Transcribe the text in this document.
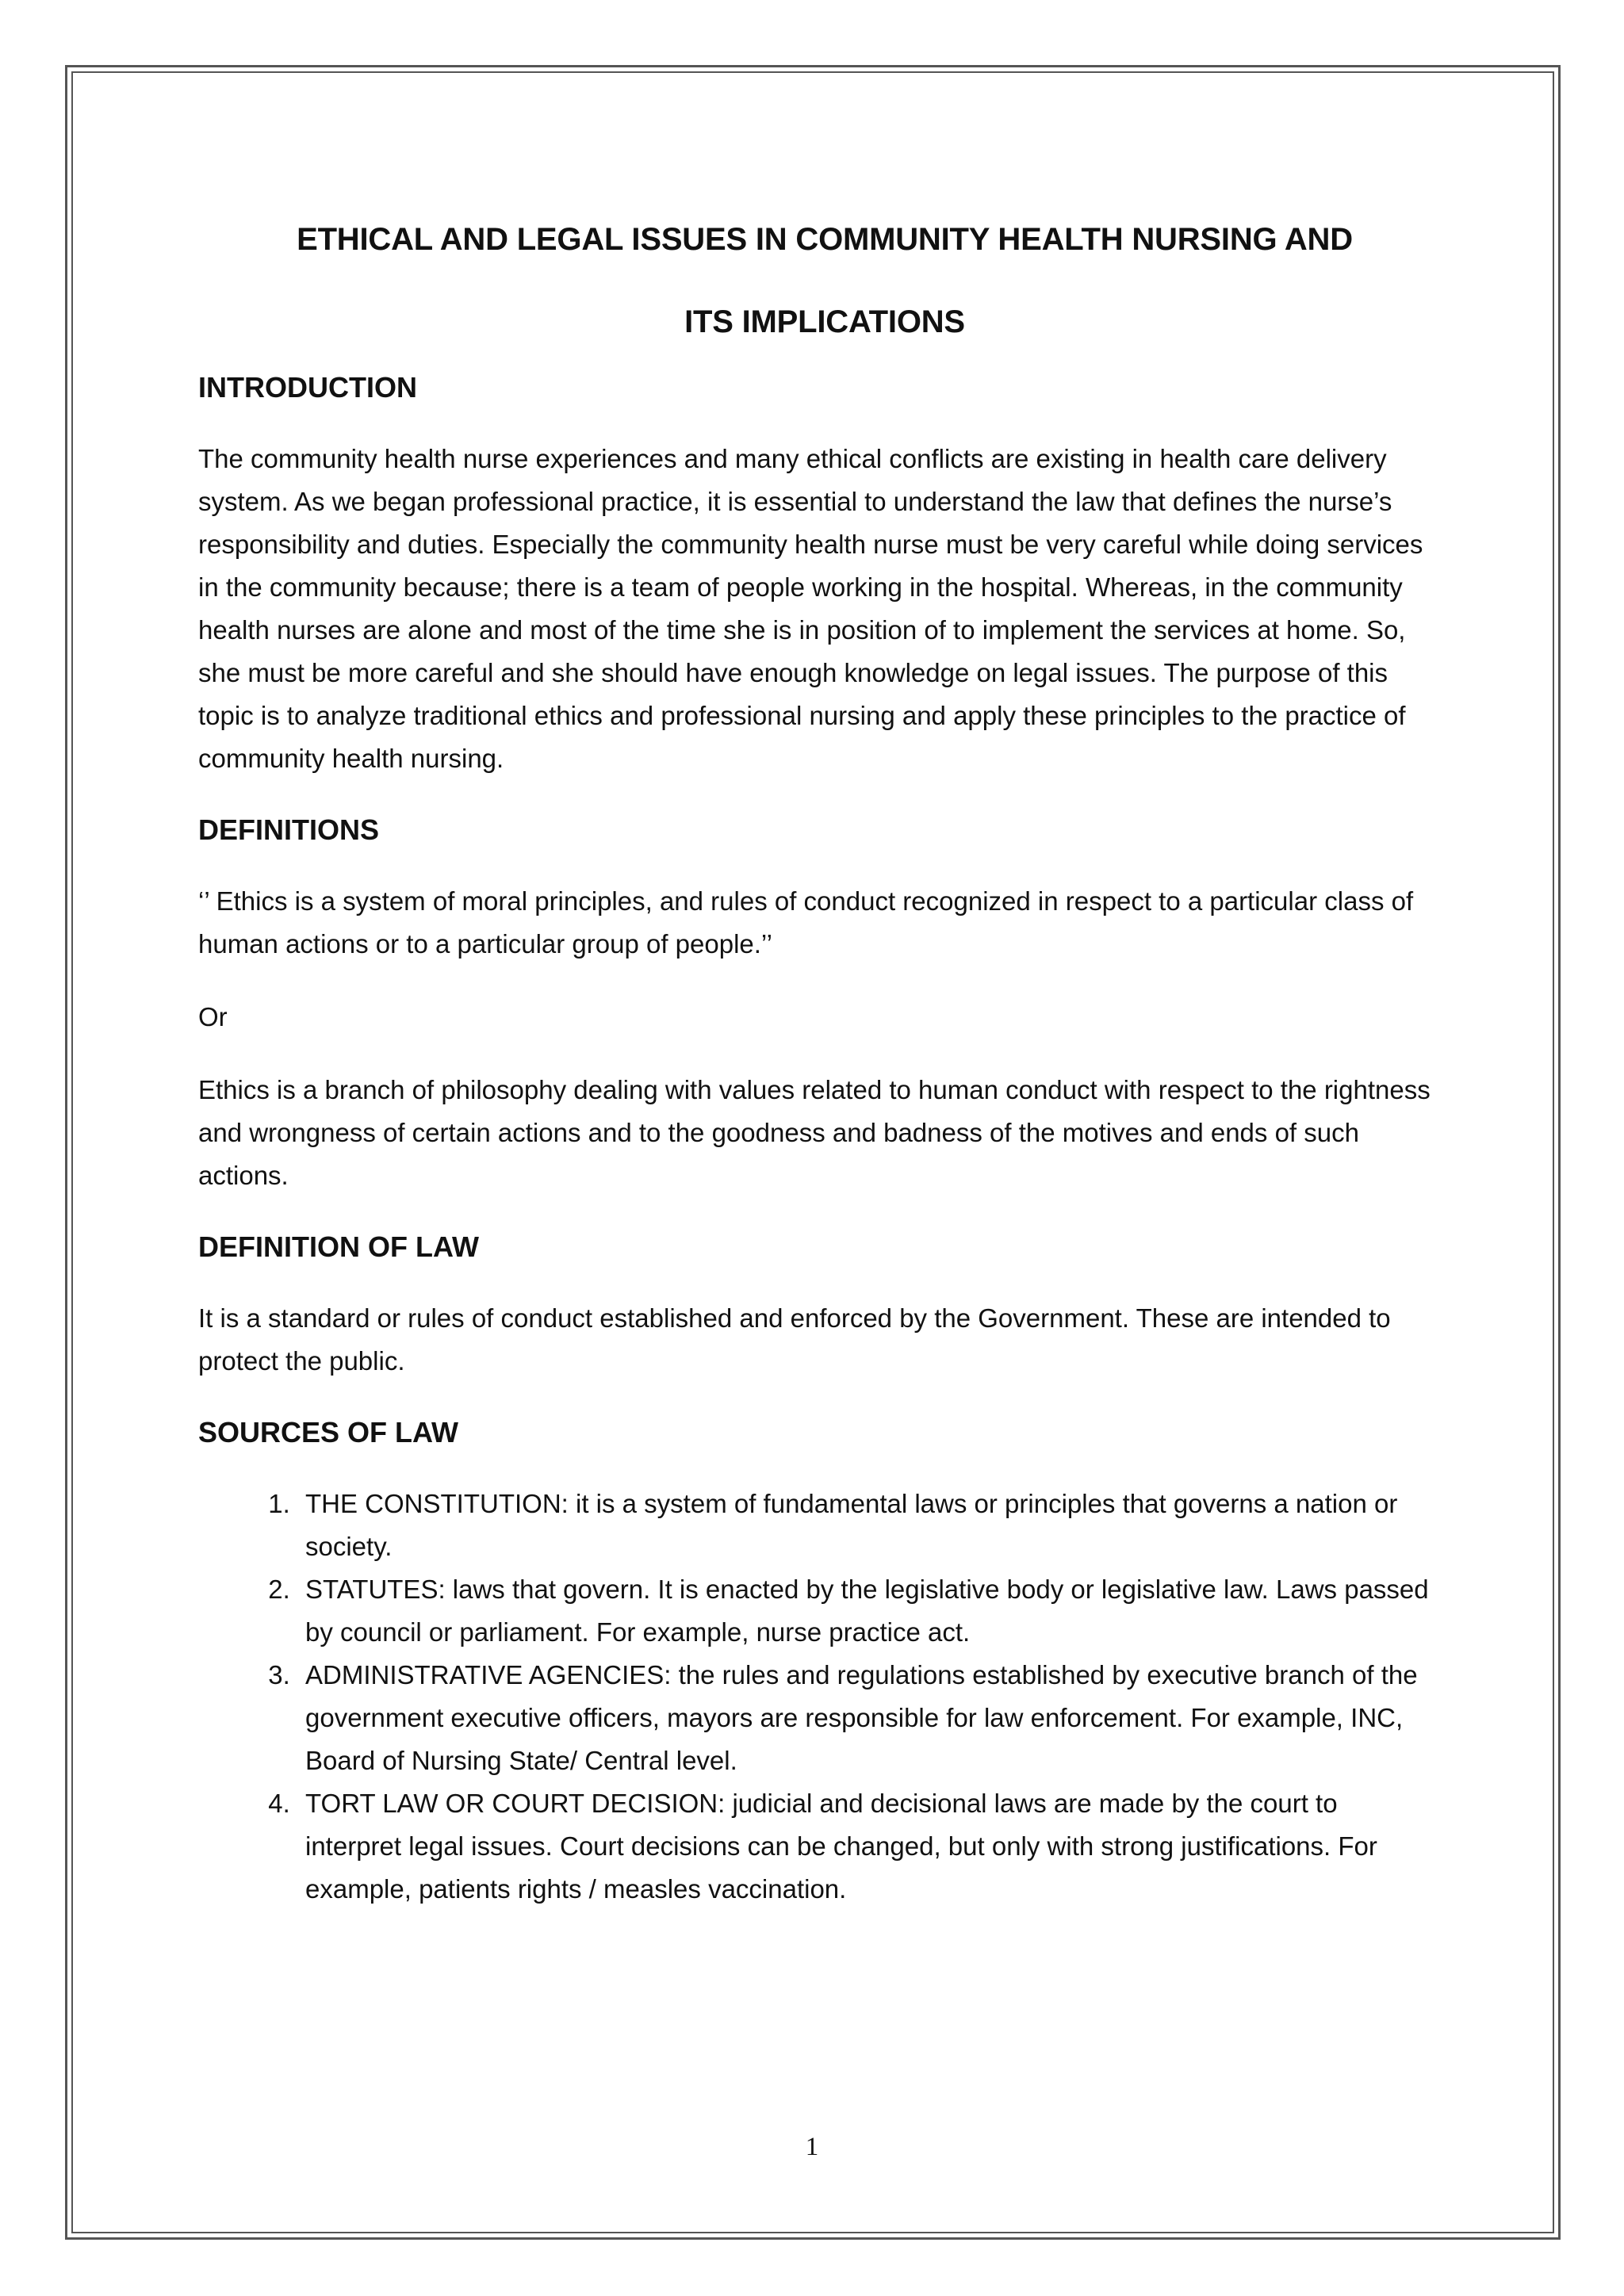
ETHICAL AND LEGAL ISSUES IN COMMUNITY HEALTH NURSING AND
ITS IMPLICATIONS
INTRODUCTION

The community health nurse experiences and many ethical conflicts are existing in health care delivery system. As we began professional practice, it is essential to understand the law that defines the nurse’s responsibility and duties. Especially the community health nurse must be very careful while doing services in the community because; there is a team of people working in the hospital. Whereas, in the community health nurses are alone and most of the time she is in position of to implement the services at home. So, she must be more careful and she should have enough knowledge on legal issues. The purpose of this topic is to analyze traditional ethics and professional nursing and apply these principles to the practice of community health nursing.

DEFINITIONS

‘’ Ethics is a system of moral principles, and rules of conduct recognized in respect to a particular class of human actions or to a particular group of people.’’

Or

Ethics is a branch of philosophy dealing with values related to human conduct with respect to the rightness and wrongness of certain actions and to the goodness and badness of the motives and ends of such actions.

DEFINITION OF LAW

It is a standard or rules of conduct established and enforced by the Government. These are intended to protect the public.

SOURCES OF LAW
1. THE CONSTITUTION: it is a system of fundamental laws or principles that governs a nation or society.
2. STATUTES: laws that govern. It is enacted by the legislative body or legislative law. Laws passed by council or parliament. For example, nurse practice act.
3. ADMINISTRATIVE AGENCIES: the rules and regulations established by executive branch of the government executive officers, mayors are responsible for law enforcement. For example, INC, Board of Nursing State/ Central level.
4. TORT LAW OR COURT DECISION: judicial and decisional laws are made by the court to interpret legal issues. Court decisions can be changed, but only with strong justifications. For example, patients rights / measles vaccination.
1
